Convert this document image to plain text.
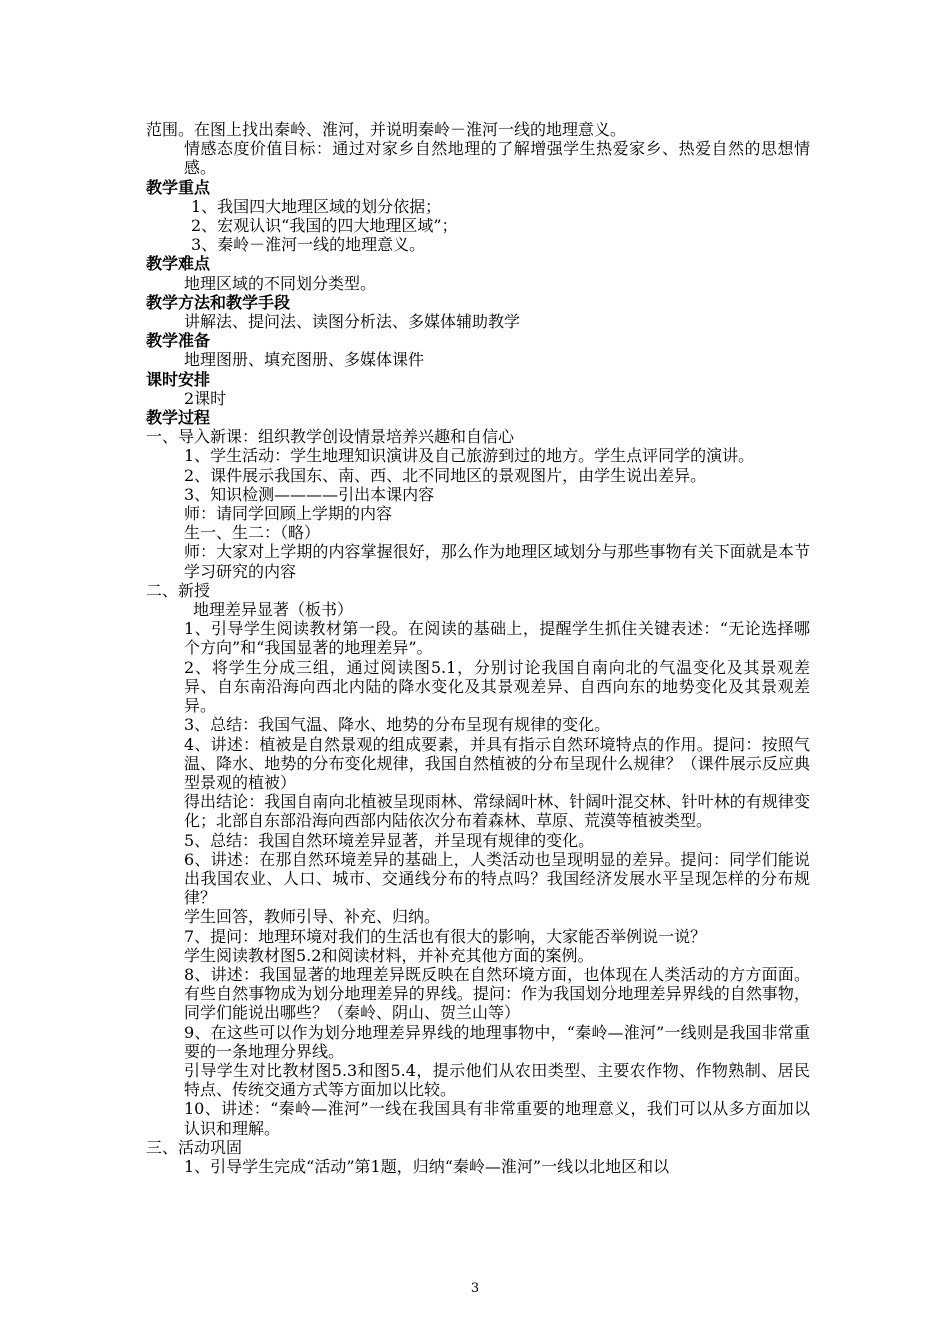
范围。在图上找出秦岭、淮河，并说明秦岭－淮河一线的地理意义。
情感态度价值目标：通过对家乡自然地理的了解增强学生热爱家乡、热爱自然的思想情感。
教学重点
1、我国四大地理区域的划分依据；
2、宏观认识“我国的四大地理区域”；
3、秦岭－淮河一线的地理意义。
教学难点
地理区域的不同划分类型。
教学方法和教学手段
讲解法、提问法、读图分析法、多媒体辅助教学
教学准备
地理图册、填充图册、多媒体课件
课时安排
2课时
教学过程
一、导入新课：组织教学创设情景培养兴趣和自信心
1、学生活动：学生地理知识演讲及自己旅游到过的地方。学生点评同学的演讲。
2、课件展示我国东、南、西、北不同地区的景观图片，由学生说出差异。
3、知识检测————引出本课内容
师：请同学回顾上学期的内容
生一、生二：（略）
师：大家对上学期的内容掌握很好，那么作为地理区域划分与那些事物有关下面就是本节学习研究的内容
二、新授
地理差异显著（板书）
1、引导学生阅读教材第一段。在阅读的基础上，提醒学生抓住关键表述：“无论选择哪个方向”和“我国显著的地理差异”。
2、将学生分成三组，通过阅读图5.1，分别讨论我国自南向北的气温变化及其景观差异、自东南沿海向西北内陆的降水变化及其景观差异、自西向东的地势变化及其景观差异。
3、总结：我国气温、降水、地势的分布呈现有规律的变化。
4、讲述：植被是自然景观的组成要素，并具有指示自然环境特点的作用。提问：按照气温、降水、地势的分布变化规律，我国自然植被的分布呈现什么规律？（课件展示反应典型景观的植被）
得出结论：我国自南向北植被呈现雨林、常绿阔叶林、针阔叶混交林、针叶林的有规律变化；北部自东部沿海向西部内陆依次分布着森林、草原、荒漠等植被类型。
5、总结：我国自然环境差异显著，并呈现有规律的变化。
6、讲述：在那自然环境差异的基础上，人类活动也呈现明显的差异。提问：同学们能说出我国农业、人口、城市、交通线分布的特点吗？我国经济发展水平呈现怎样的分布规律？
学生回答，教师引导、补充、归纳。
7、提问：地理环境对我们的生活也有很大的影响，大家能否举例说一说？
学生阅读教材图5.2和阅读材料，并补充其他方面的案例。
8、讲述：我国显著的地理差异既反映在自然环境方面，也体现在人类活动的方方面面。有些自然事物成为划分地理差异的界线。提问：作为我国划分地理差异界线的自然事物，同学们能说出哪些？（秦岭、阴山、贺兰山等）
9、在这些可以作为划分地理差异界线的地理事物中，“秦岭—淮河”一线则是我国非常重要的一条地理分界线。
引导学生对比教材图5.3和图5.4，提示他们从农田类型、主要农作物、作物熟制、居民特点、传统交通方式等方面加以比较。
10、讲述：“秦岭—淮河”一线在我国具有非常重要的地理意义，我们可以从多方面加以认识和理解。
三、活动巩固
1、引导学生完成“活动”第1题，归纳“秦岭—淮河”一线以北地区和以
3
